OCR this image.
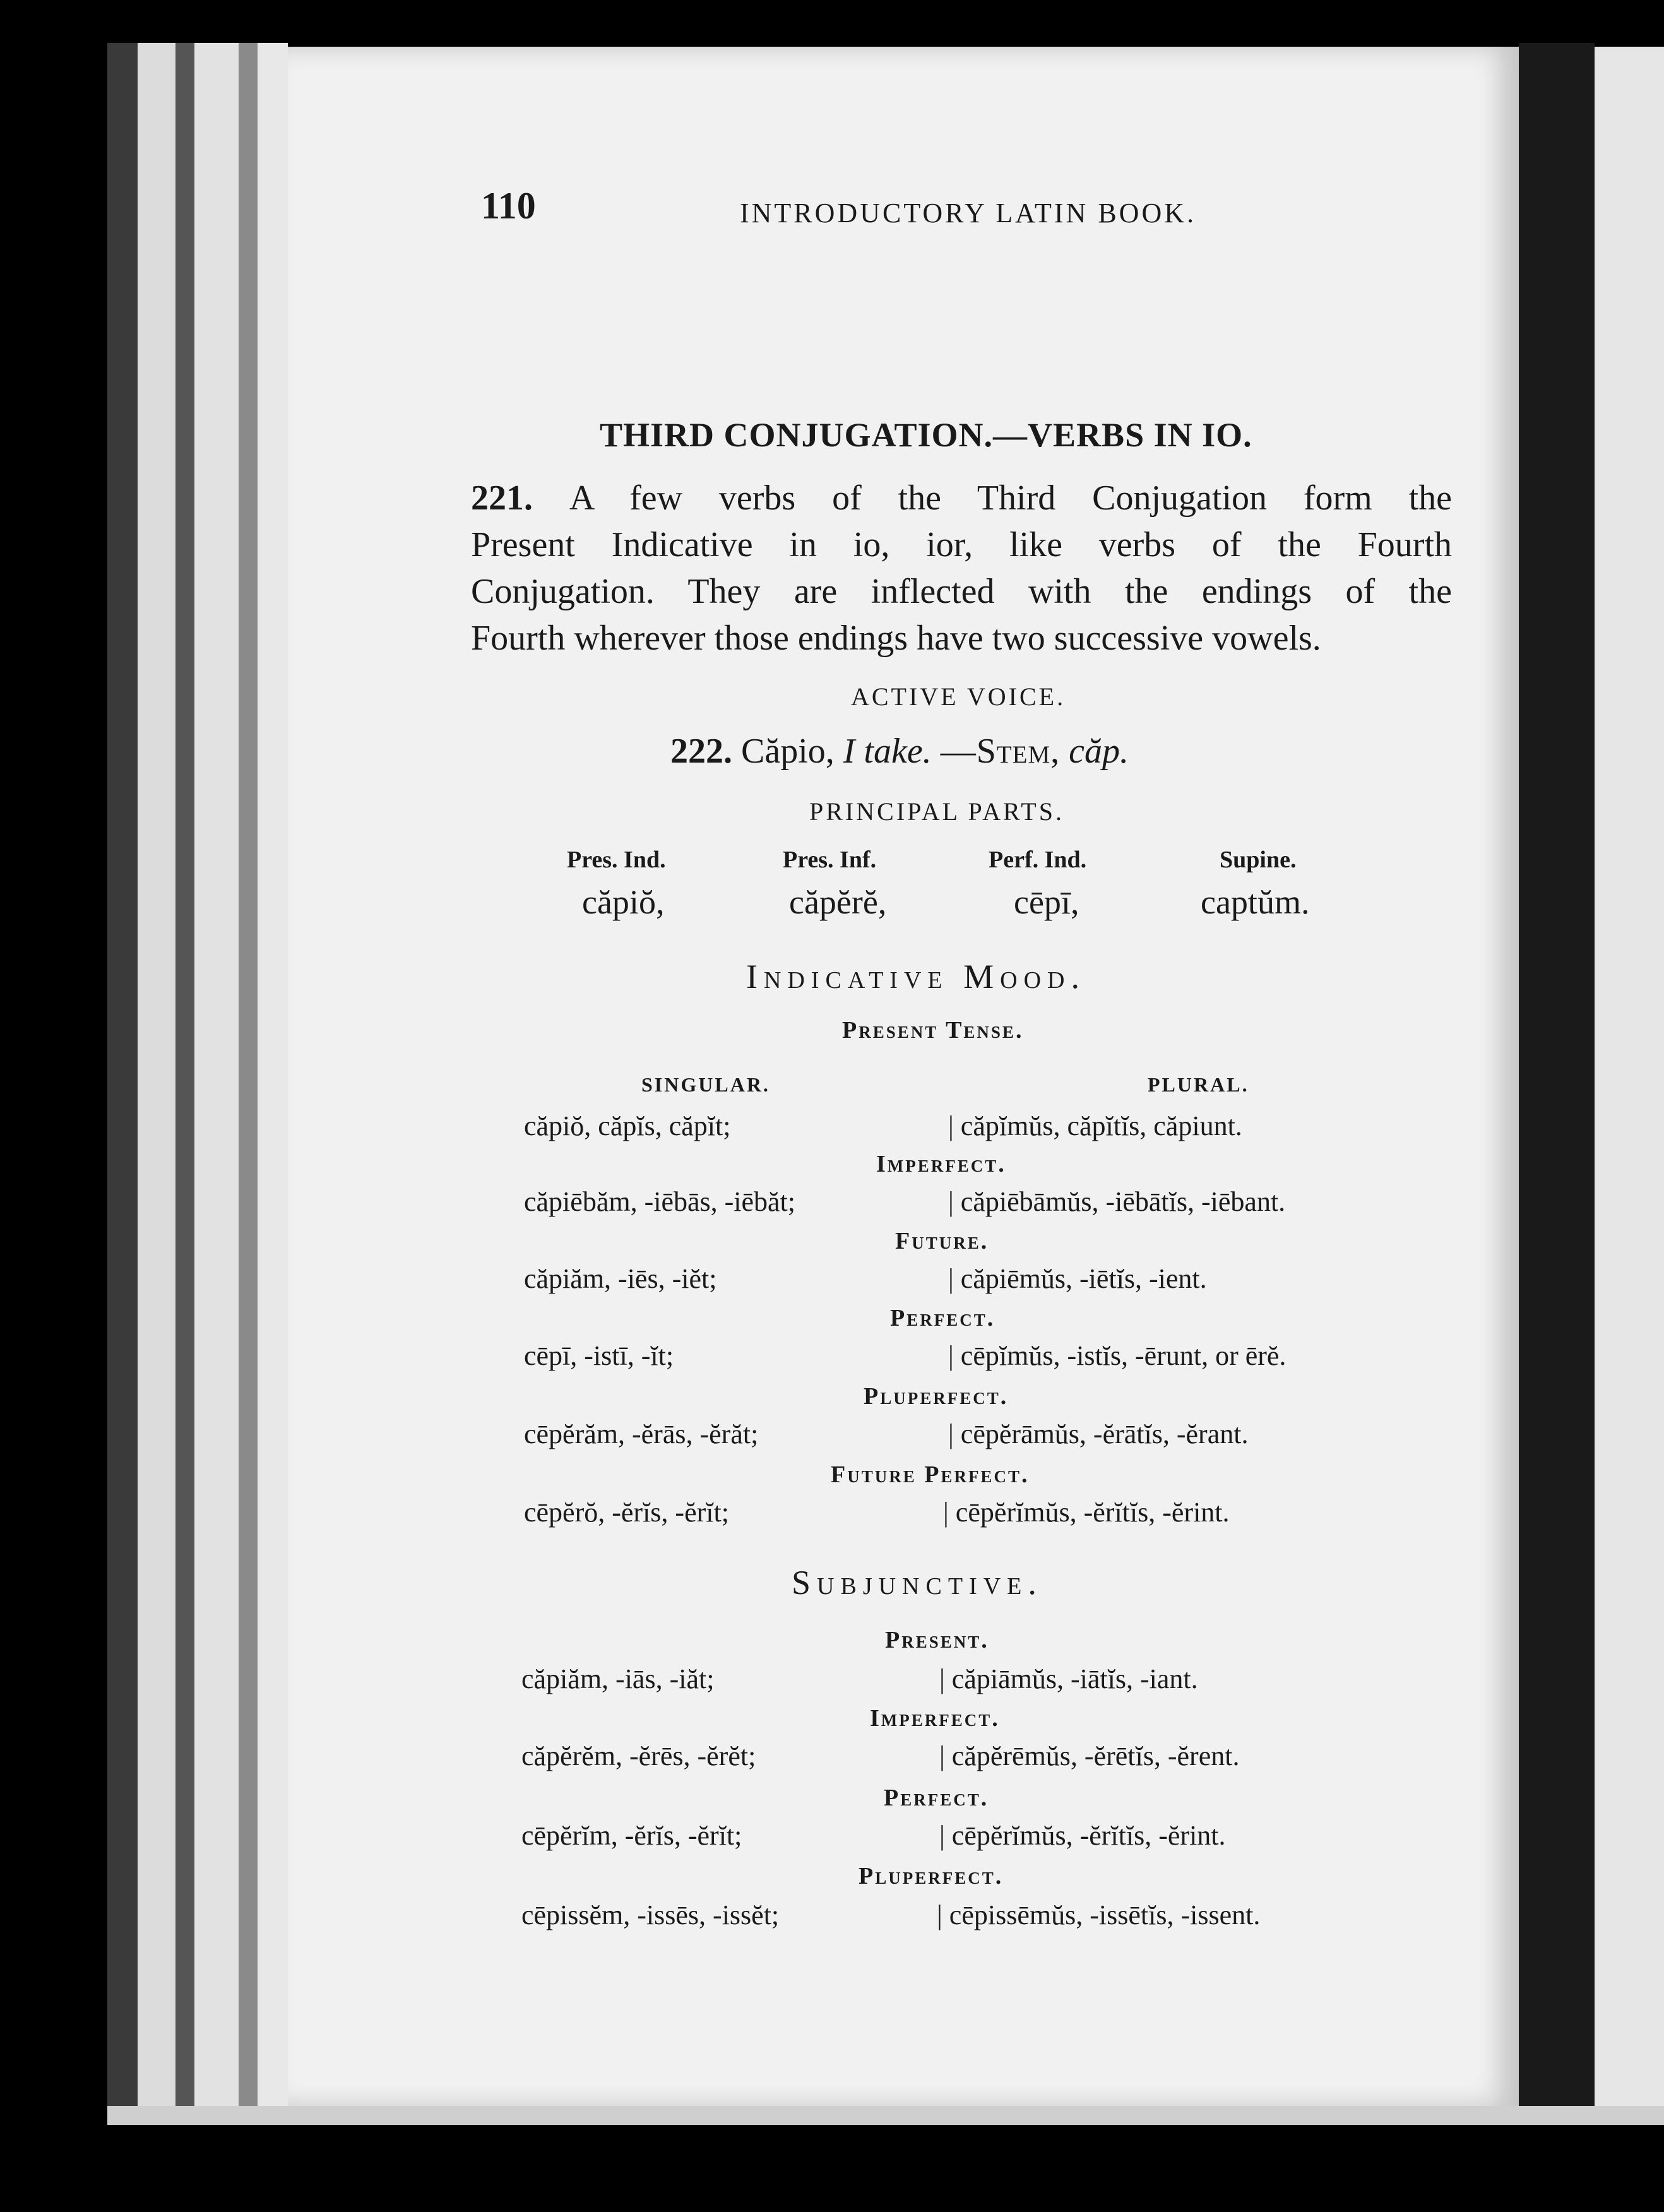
110	INTRODUCTORY LATIN BOOK.
THIRD CONJUGATION.—VERBS IN IO.
221. A few verbs of the Third Conjugation form the
Present Indicative in io, ior, like verbs of the Fourth
Conjugation. They are inflected with the endings of the
Fourth wherever those endings have two successive vowels.
ACTIVE VOICE.
222. Căpio, I take. —Stem, căp.
PRINCIPAL PARTS.
Pres. Ind.	Pres. Inf.	Perf. Ind.	Supine.
căpiŏ,	căpĕrĕ,	cēpī,	captŭm.
Indicative Mood.
Present Tense.
SINGULAR.	PLURAL.
căpiŏ, căpĭs, căpĭt;	| căpĭmŭs, căpĭtĭs, căpiunt.
Imperfect.
căpiēbăm, -iēbās, -iēbăt;	| căpiēbāmŭs, -iēbātĭs, -iēbant.
Future.
căpiăm, -iēs, -iĕt;	| căpiēmŭs, -iētĭs, -ient.
Perfect.
cēpī, -istī, -ĭt;	| cēpĭmŭs, -istĭs, -ērunt, or ērĕ.
Pluperfect.
cēpĕrăm, -ĕrās, -ĕrăt;	| cēpĕrāmŭs, -ĕrātĭs, -ĕrant.
Future Perfect.
cēpĕrŏ, -ĕrĭs, -ĕrĭt;	| cēpĕrĭmŭs, -ĕrĭtĭs, -ĕrint.
Subjunctive.
Present.
căpiăm, -iās, -iăt;	| căpiāmŭs, -iātĭs, -iant.
Imperfect.
căpĕrĕm, -ĕrēs, -ĕrĕt;	| căpĕrēmŭs, -ĕrētĭs, -ĕrent.
Perfect.
cēpĕrĭm, -ĕrĭs, -ĕrĭt;	| cēpĕrĭmŭs, -ĕrĭtĭs, -ĕrint.
Pluperfect.
cēpissĕm, -issēs, -issĕt;	| cēpissēmŭs, -issētĭs, -issent.
